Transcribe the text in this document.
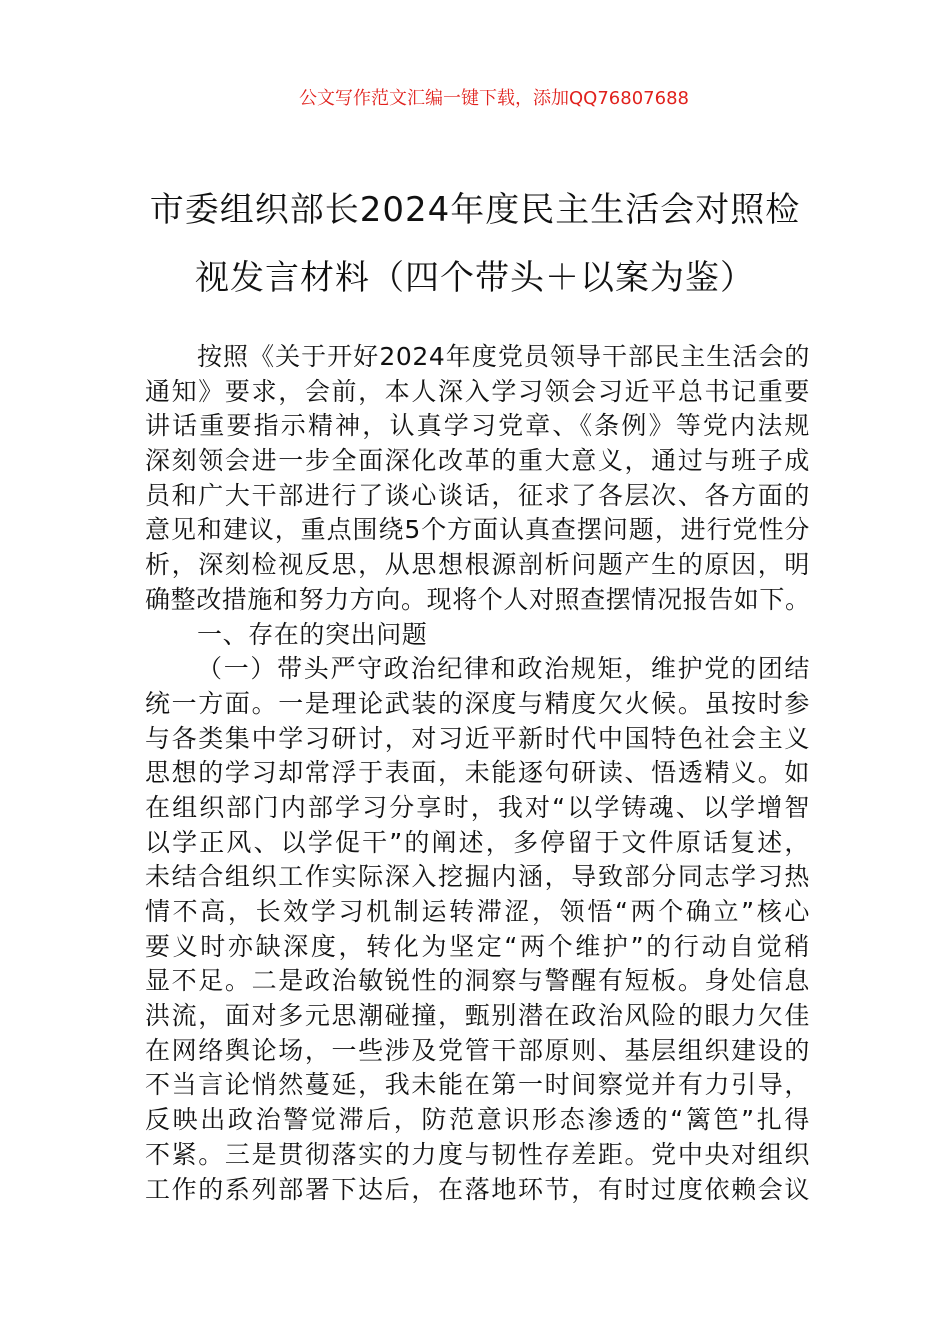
公文写作范文汇编一键下载，添加QQ76807688
市委组织部长2024年度民主生活会对照检
视发言材料（四个带头＋以案为鉴）
按照《关于开好2024年度党员领导干部民主生活会的
通知》要求，会前，本人深入学习领会习近平总书记重要
讲话重要指示精神，认真学习党章、《条例》等党内法规
深刻领会进一步全面深化改革的重大意义，通过与班子成
员和广大干部进行了谈心谈话，征求了各层次、各方面的
意见和建议，重点围绕5个方面认真查摆问题，进行党性分
析，深刻检视反思，从思想根源剖析问题产生的原因，明
确整改措施和努力方向。现将个人对照查摆情况报告如下。
一、存在的突出问题
（一）带头严守政治纪律和政治规矩，维护党的团结
统一方面。一是理论武装的深度与精度欠火候。虽按时参
与各类集中学习研讨，对习近平新时代中国特色社会主义
思想的学习却常浮于表面，未能逐句研读、悟透精义。如
在组织部门内部学习分享时，我对“以学铸魂、以学增智
以学正风、以学促干”的阐述，多停留于文件原话复述，
未结合组织工作实际深入挖掘内涵，导致部分同志学习热
情不高，长效学习机制运转滞涩，领悟“两个确立”核心
要义时亦缺深度，转化为坚定“两个维护”的行动自觉稍
显不足。二是政治敏锐性的洞察与警醒有短板。身处信息
洪流，面对多元思潮碰撞，甄别潜在政治风险的眼力欠佳
在网络舆论场，一些涉及党管干部原则、基层组织建设的
不当言论悄然蔓延，我未能在第一时间察觉并有力引导，
反映出政治警觉滞后，防范意识形态渗透的“篱笆”扎得
不紧。三是贯彻落实的力度与韧性存差距。党中央对组织
工作的系列部署下达后，在落地环节，有时过度依赖会议
